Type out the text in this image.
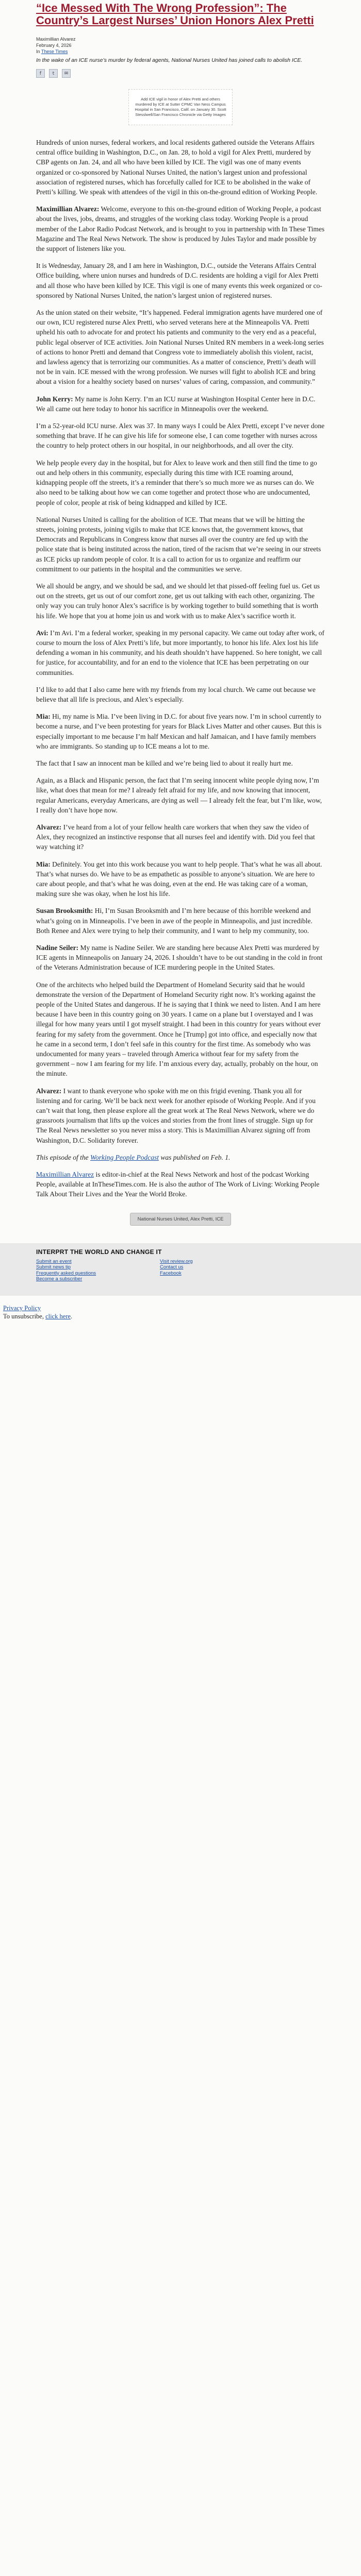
“Ice Messed With The Wrong Profession”: The Country’s Largest Nurses’ Union Honors Alex Pretti
Maximillian Alvarez
February 4, 2026
In These Times
In the wake of an ICE nurse’s murder by federal agents, National Nurses United has joined calls to abolish ICE.
f	t	✉
Add ICE vigil in honor of Alex Pretti and others murdered by ICE at Sutter CPMC Van Ness Campus Hospital in San Francisco, Calif. on January 30. Scott Stesslwell/San Francisco Chronicle via Getty Images

Hundreds of union nurses, federal workers, and local residents gathered outside the Veterans Affairs central office building in Washington, D.C., on Jan. 28, to hold a vigil for Alex Pretti, murdered by CBP agents on Jan. 24, and all who have been killed by ICE. The vigil was one of many events organized or co-sponsored by National Nurses United, the nation’s largest union and professional association of registered nurses, which has forcefully called for ICE to be abolished in the wake of Pretti’s killing. We speak with attendees of the vigil in this on-the-ground edition of Working People.

Maximillian Alvarez: Welcome, everyone to this on-the-ground edition of Working People, a podcast about the lives, jobs, dreams, and struggles of the working class today. Working People is a proud member of the Labor Radio Podcast Network, and is brought to you in partnership with In These Times Magazine and The Real News Network. The show is produced by Jules Taylor and made possible by the support of listeners like you.

It is Wednesday, January 28, and I am here in Washington, D.C., outside the Veterans Affairs Central Office building, where union nurses and hundreds of D.C. residents are holding a vigil for Alex Pretti and all those who have been killed by ICE. This vigil is one of many events this week organized or co-sponsored by National Nurses United, the nation’s largest union of registered nurses.

As the union stated on their website, “It’s happened. Federal immigration agents have murdered one of our own, ICU registered nurse Alex Pretti, who served veterans here at the Minneapolis VA. Pretti upheld his oath to advocate for and protect his patients and community to the very end as a peaceful, public legal observer of ICE activities. Join National Nurses United RN members in a week-long series of actions to honor Pretti and demand that Congress vote to immediately abolish this violent, racist, and lawless agency that is terrorizing our communities. As a matter of conscience, Pretti’s death will not be in vain. ICE messed with the wrong profession. We nurses will fight to abolish ICE and bring about a vision for a healthy society based on nurses’ values of caring, compassion, and community.”

John Kerry: My name is John Kerry. I’m an ICU nurse at Washington Hospital Center here in D.C. We all came out here today to honor his sacrifice in Minneapolis over the weekend.

I’m a 52-year-old ICU nurse. Alex was 37. In many ways I could be Alex Pretti, except I’ve never done something that brave. If he can give his life for someone else, I can come together with nurses across the country to help protect others in our hospital, in our neighborhoods, and all over the city.

We help people every day in the hospital, but for Alex to leave work and then still find the time to go out and help others in this community, especially during this time with ICE roaming around, kidnapping people off the streets, it’s a reminder that there’s so much more we as nurses can do. We also need to be talking about how we can come together and protect those who are undocumented, people of color, people at risk of being kidnapped and killed by ICE.

National Nurses United is calling for the abolition of ICE. That means that we will be hitting the streets, joining protests, joining vigils to make that ICE knows that, the government knows, that Democrats and Republicans in Congress know that nurses all over the country are fed up with the police state that is being instituted across the nation, tired of the racism that we’re seeing in our streets as ICE picks up random people of color. It is a call to action for us to organize and reaffirm our commitment to our patients in the hospital and the communities we serve.

We all should be angry, and we should be sad, and we should let that pissed-off feeling fuel us. Get us out on the streets, get us out of our comfort zone, get us out talking with each other, organizing. The only way you can truly honor Alex’s sacrifice is by working together to build something that is worth his life. We hope that you at home join us and work with us to make Alex’s sacrifice worth it.

Avi: I’m Avi. I’m a federal worker, speaking in my personal capacity. We came out today after work, of course to mourn the loss of Alex Pretti’s life, but more importantly, to honor his life. Alex lost his life defending a woman in his community, and his death shouldn’t have happened. So here tonight, we call for justice, for accountability, and for an end to the violence that ICE has been perpetrating on our communities.

I’d like to add that I also came here with my friends from my local church. We came out because we believe that all life is precious, and Alex’s especially.

Mia: Hi, my name is Mia. I’ve been living in D.C. for about five years now. I’m in school currently to become a nurse, and I’ve been protesting for years for Black Lives Matter and other causes. But this is especially important to me because I’m half Mexican and half Jamaican, and I have family members who are immigrants. So standing up to ICE means a lot to me.

The fact that I saw an innocent man be killed and we’re being lied to about it really hurt me.

Again, as a Black and Hispanic person, the fact that I’m seeing innocent white people dying now, I’m like, what does that mean for me? I already felt afraid for my life, and now knowing that innocent, regular Americans, everyday Americans, are dying as well — I already felt the fear, but I’m like, wow, I really don’t have hope now.

Alvarez: I’ve heard from a lot of your fellow health care workers that when they saw the video of Alex, they recognized an instinctive response that all nurses feel and identify with. Did you feel that way watching it?

Mia: Definitely. You get into this work because you want to help people. That’s what he was all about. That’s what nurses do. We have to be as empathetic as possible to anyone’s situation. We are here to care about people, and that’s what he was doing, even at the end. He was taking care of a woman, making sure she was okay, when he lost his life.

Susan Brooksmith: Hi, I’m Susan Brooksmith and I’m here because of this horrible weekend and what’s going on in Minneapolis. I’ve been in awe of the people in Minneapolis, and just incredible. Both Renee and Alex were trying to help their community, and I want to help my community, too.

Nadine Seiler: My name is Nadine Seiler. We are standing here because Alex Pretti was murdered by ICE agents in Minneapolis on January 24, 2026. I shouldn’t have to be out standing in the cold in front of the Veterans Administration because of ICE murdering people in the United States.

One of the architects who helped build the Department of Homeland Security said that he would demonstrate the version of the Department of Homeland Security right now. It’s working against the people of the United States and dangerous. If he is saying that I think we need to listen. And I am here because I have been in this country going on 30 years. I came on a plane but I overstayed and I was illegal for how many years until I got myself straight. I had been in this country for years without ever fearing for my safety from the government. Once he [Trump] got into office, and especially now that he came in a second term, I don’t feel safe in this country for the first time. As somebody who was undocumented for many years – traveled through America without fear for my safety from the government – now I am fearing for my life. I’m anxious every day, actually, probably on the hour, on the minute.

Alvarez: I want to thank everyone who spoke with me on this frigid evening. Thank you all for listening and for caring. We’ll be back next week for another episode of Working People. And if you can’t wait that long, then please explore all the great work at The Real News Network, where we do grassroots journalism that lifts up the voices and stories from the front lines of struggle. Sign up for The Real News newsletter so you never miss a story. This is Maximillian Alvarez signing off from Washington, D.C. Solidarity forever.

This episode of the Working People Podcast was published on Feb. 1.

Maximillian Alvarez is editor-in-chief at the Real News Network and host of the podcast Working People, available at InTheseTimes.com. He is also the author of The Work of Living: Working People Talk About Their Lives and the Year the World Broke.

National Nurses United, Alex Pretti, ICE
INTERPRT THE WORLD AND CHANGE IT
Submit an event
Submit news tip
Frequently asked questions
Become a subscriber
Visit review.org
Contact us
Facebook
Privacy Policy
To unsubscribe, click here.
